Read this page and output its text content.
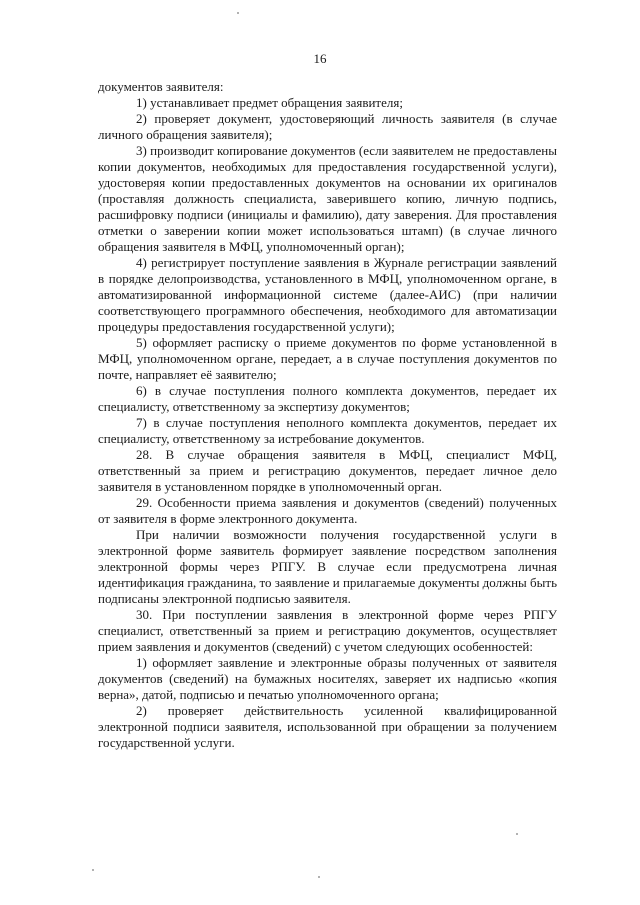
16

документов заявителя:

1) устанавливает предмет обращения заявителя;

2) проверяет документ, удостоверяющий личность заявителя (в случае личного обращения заявителя);

3) производит копирование документов (если заявителем не предоставлены копии документов, необходимых для предоставления государственной услуги), удостоверяя копии предоставленных документов на основании их оригиналов (проставляя должность специалиста, заверившего копию, личную подпись, расшифровку подписи (инициалы и фамилию), дату заверения. Для проставления отметки о заверении копии может использоваться штамп) (в случае личного обращения заявителя в МФЦ, уполномоченный орган);

4) регистрирует поступление заявления в Журнале регистрации заявлений в порядке делопроизводства, установленного в МФЦ, уполномоченном органе, в автоматизированной информационной системе (далее-АИС) (при наличии соответствующего программного обеспечения, необходимого для автоматизации процедуры предоставления государственной услуги);

5) оформляет расписку о приеме документов по форме установленной в МФЦ, уполномоченном органе, передает, а в случае поступления документов по почте, направляет её заявителю;

6) в случае поступления полного комплекта документов, передает их специалисту, ответственному за экспертизу документов;

7) в случае поступления неполного комплекта документов, передает их специалисту, ответственному за истребование документов.

28. В случае обращения заявителя в МФЦ, специалист МФЦ, ответственный за прием и регистрацию документов, передает личное дело заявителя в установленном порядке в уполномоченный орган.

29. Особенности приема заявления и документов (сведений) полученных от заявителя в форме электронного документа.

При наличии возможности получения государственной услуги в электронной форме заявитель формирует заявление посредством заполнения электронной формы через РПГУ. В случае если предусмотрена личная идентификация гражданина, то заявление и прилагаемые документы должны быть подписаны электронной подписью заявителя.

30. При поступлении заявления в электронной форме через РПГУ специалист, ответственный за прием и регистрацию документов, осуществляет прием заявления и документов (сведений) с учетом следующих особенностей:

1) оформляет заявление и электронные образы полученных от заявителя документов (сведений) на бумажных носителях, заверяет их надписью «копия верна», датой, подписью и печатью уполномоченного органа;

2) проверяет действительность усиленной квалифицированной электронной подписи заявителя, использованной при обращении за получением государственной услуги.
